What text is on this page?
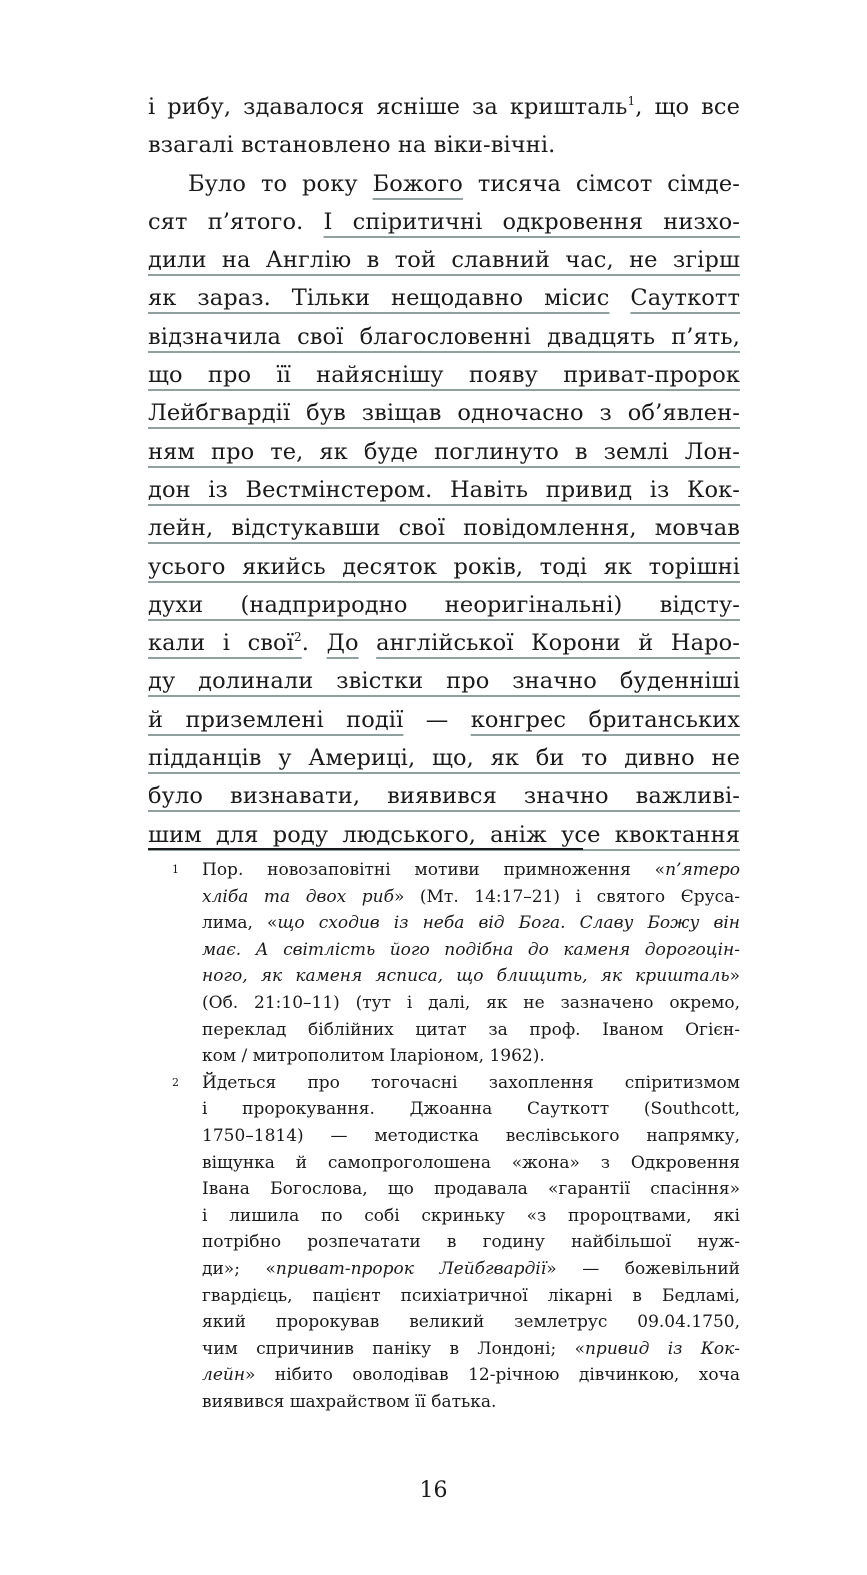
і рибу, здавалося ясніше за кришталь$^1$, що все
взагалі встановлено на віки-вічні.
Було то року Божого тисяча сімсот сімде-
сят п’ятого. І спіритичні одкровення низхо-
дили на Англію в той славний час, не згірш
як зараз. Тільки нещодавно місис Сауткотт
відзначила свої благословенні двадцять п’ять,
що про її найяснішу появу приват-пророк
Лейбгвардії був звіщав одночасно з об’явлен-
ням про те, як буде поглинуто в землі Лон-
дон із Вестмінстером. Навіть привид із Кок-
лейн, відстукавши свої повідомлення, мовчав
усього якийсь десяток років, тоді як торішні
духи (надприродно неоригінальні) відсту-
кали і свої$^2$. До англійської Корони й Наро-
ду долинали звістки про значно буденніші
й приземлені події — конгрес британських
підданців у Америці, що, як би то дивно не
було визнавати, виявився значно важливі-
шим для роду людського, аніж усе квоктання
1 Пор. новозаповітні мотиви примноження «п’ятеро
хліба та двох риб» (Мт. 14:17–21) і святого Єруса-
лима, «що сходив із неба від Бога. Славу Божу він
має. А світлість його подібна до каменя дорогоцін-
ного, як каменя ясписа, що блищить, як кришталь»
(Об. 21:10–11) (тут і далі, як не зазначено окремо,
переклад біблійних цитат за проф. Іваном Огієн-
ком / митрополитом Іларіоном, 1962).
2 Йдеться про тогочасні захоплення спіритизмом
і пророкування. Джоанна Сауткотт (Southcott,
1750–1814) — методистка веслівського напрямку,
віщунка й самопроголошена «жона» з Одкровення
Івана Богослова, що продавала «гарантії спасіння»
і лишила по собі скриньку «з пророцтвами, які
потрібно розпечатати в годину найбільшої нуж-
ди»; «приват-пророк Лейбгвардії» — божевільний
гвардієць, пацієнт психіатричної лікарні в Бедламі,
який пророкував великий землетрус 09.04.1750,
чим спричинив паніку в Лондоні; «привид із Кок-
лейн» нібито оволодівав 12-річною дівчинкою, хоча
виявився шахрайством її батька.
16
